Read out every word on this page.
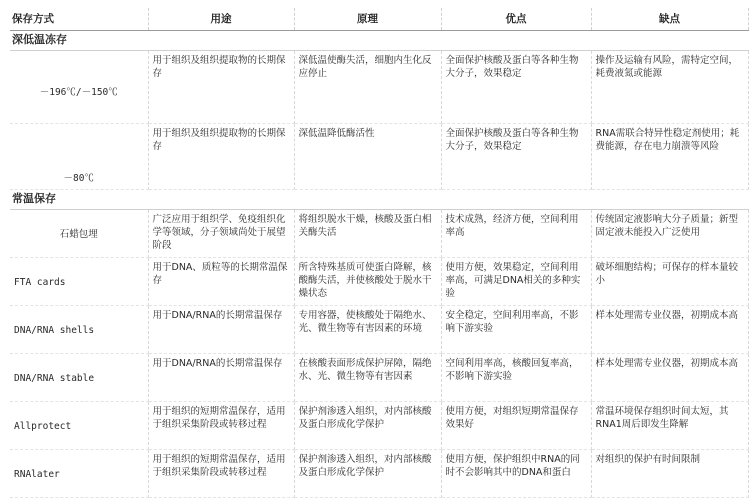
保存方式	用途	原理	优点	缺点
深低温冻存				
－196℃/－150℃	用于组织及组织提取物的长期保存	深低温使酶失活，细胞内生化反应停止	全面保护核酸及蛋白等各种生物大分子，效果稳定	操作及运输有风险，需特定空间，耗费液氮或能源
－80℃	用于组织及组织提取物的长期保存	深低温降低酶活性	全面保护核酸及蛋白等各种生物大分子，效果稳定	RNA需联合特异性稳定剂使用；耗费能源，存在电力崩溃等风险
常温保存				
石蜡包埋	广泛应用于组织学、免疫组织化学等领域，分子领域尚处于展望阶段	将组织脱水干燥，核酸及蛋白相关酶失活	技术成熟，经济方便，空间利用率高	传统固定液影响大分子质量；新型固定液未能投入广泛使用
FTA cards	用于DNA、质粒等的长期常温保存	所含特殊基质可使蛋白降解，核酸酶失活，并使核酸处于脱水干燥状态	使用方便，效果稳定，空间利用率高，可满足DNA相关的多种实验	破坏细胞结构；可保存的样本量较小
DNA/RNA shells	用于DNA/RNA的长期常温保存	专用容器，使核酸处于隔绝水、光、微生物等有害因素的环境	安全稳定，空间利用率高，不影响下游实验	样本处理需专业仪器，初期成本高
DNA/RNA stable	用于DNA/RNA的长期常温保存	在核酸表面形成保护屏障，隔绝水、光、微生物等有害因素	空间利用率高，核酸回复率高，不影响下游实验	样本处理需专业仪器，初期成本高
Allprotect	用于组织的短期常温保存，适用于组织采集阶段或转移过程	保护剂渗透入组织，对内部核酸及蛋白形成化学保护	使用方便，对组织短期常温保存效果好	常温环境保存组织时间太短，其RNA1周后即发生降解
RNAlater	用于组织的短期常温保存，适用于组织采集阶段或转移过程	保护剂渗透入组织，对内部核酸及蛋白形成化学保护	使用方便，保护组织中RNA的同时不会影响其中的DNA和蛋白	对组织的保护有时间限制
